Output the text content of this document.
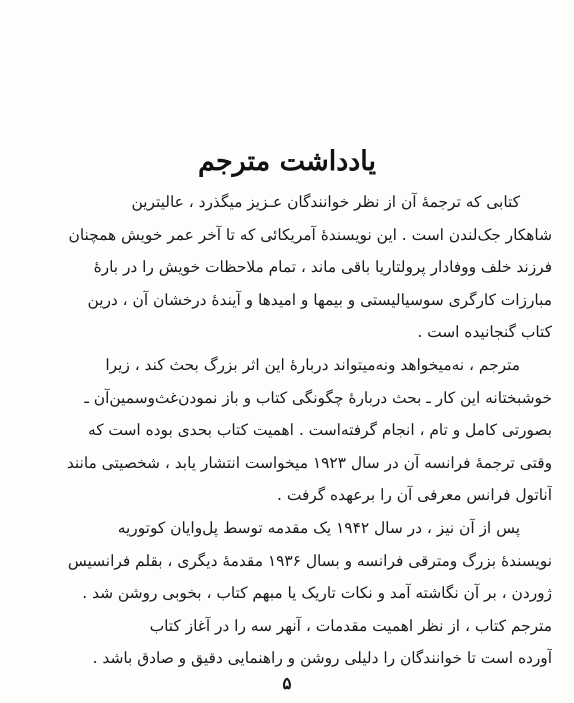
یادداشت مترجم
کتابی که ترجمهٔ آن از نظر خوانندگان عـزیز میگذرد ، عالیترین
شاهکار جک‌لندن است . این نویسندهٔ آمریکائی که تا آخر عمر خویش همچنان
فرزند خلف ووفادار پرولتاریا باقی ماند ، تمام ملاحظات خویش را در بارهٔ
مبارزات کارگری سوسیالیستی و بیمها و امیدها و آیندهٔ درخشان آن ، درین
کتاب گنجانیده است .
مترجم ، نه‌میخواهد ونه‌میتواند دربارهٔ این اثر بزرگ بحث کند ، زیرا
خوشبختانه این کار ـ بحث دربارهٔ چگونگی کتاب و باز نمودن‌غث‌وسمین‌آن ـ
بصورتی کامل و تام ، انجام گرفته‌است . اهمیت کتاب بحدی بوده است که
وقتی ترجمهٔ فرانسه آن در سال ۱۹۲۳ میخواست انتشار یابد ، شخصیتی مانند
آناتول فرانس معرفی آن را برعهده گرفت .
پس از آن نیز ، در سال ۱۹۴۲ یک مقدمه توسط پل‌وایان کوتوریه
نویسندهٔ بزرگ ومترقی فرانسه و بسال ۱۹۳۶ مقدمهٔ دیگری ، بقلم فرانسیس
ژوردن ، بر آن نگاشته آمد و نکات تاریک یا مبهم کتاب ، بخوبی روشن شد .
مترجم کتاب ، از نظر اهمیت مقدمات ، آنهر سه را در آغاز کتاب
آورده است تا خوانندگان را دلیلی روشن و راهنمایی دقیق و صادق باشد .
۵
